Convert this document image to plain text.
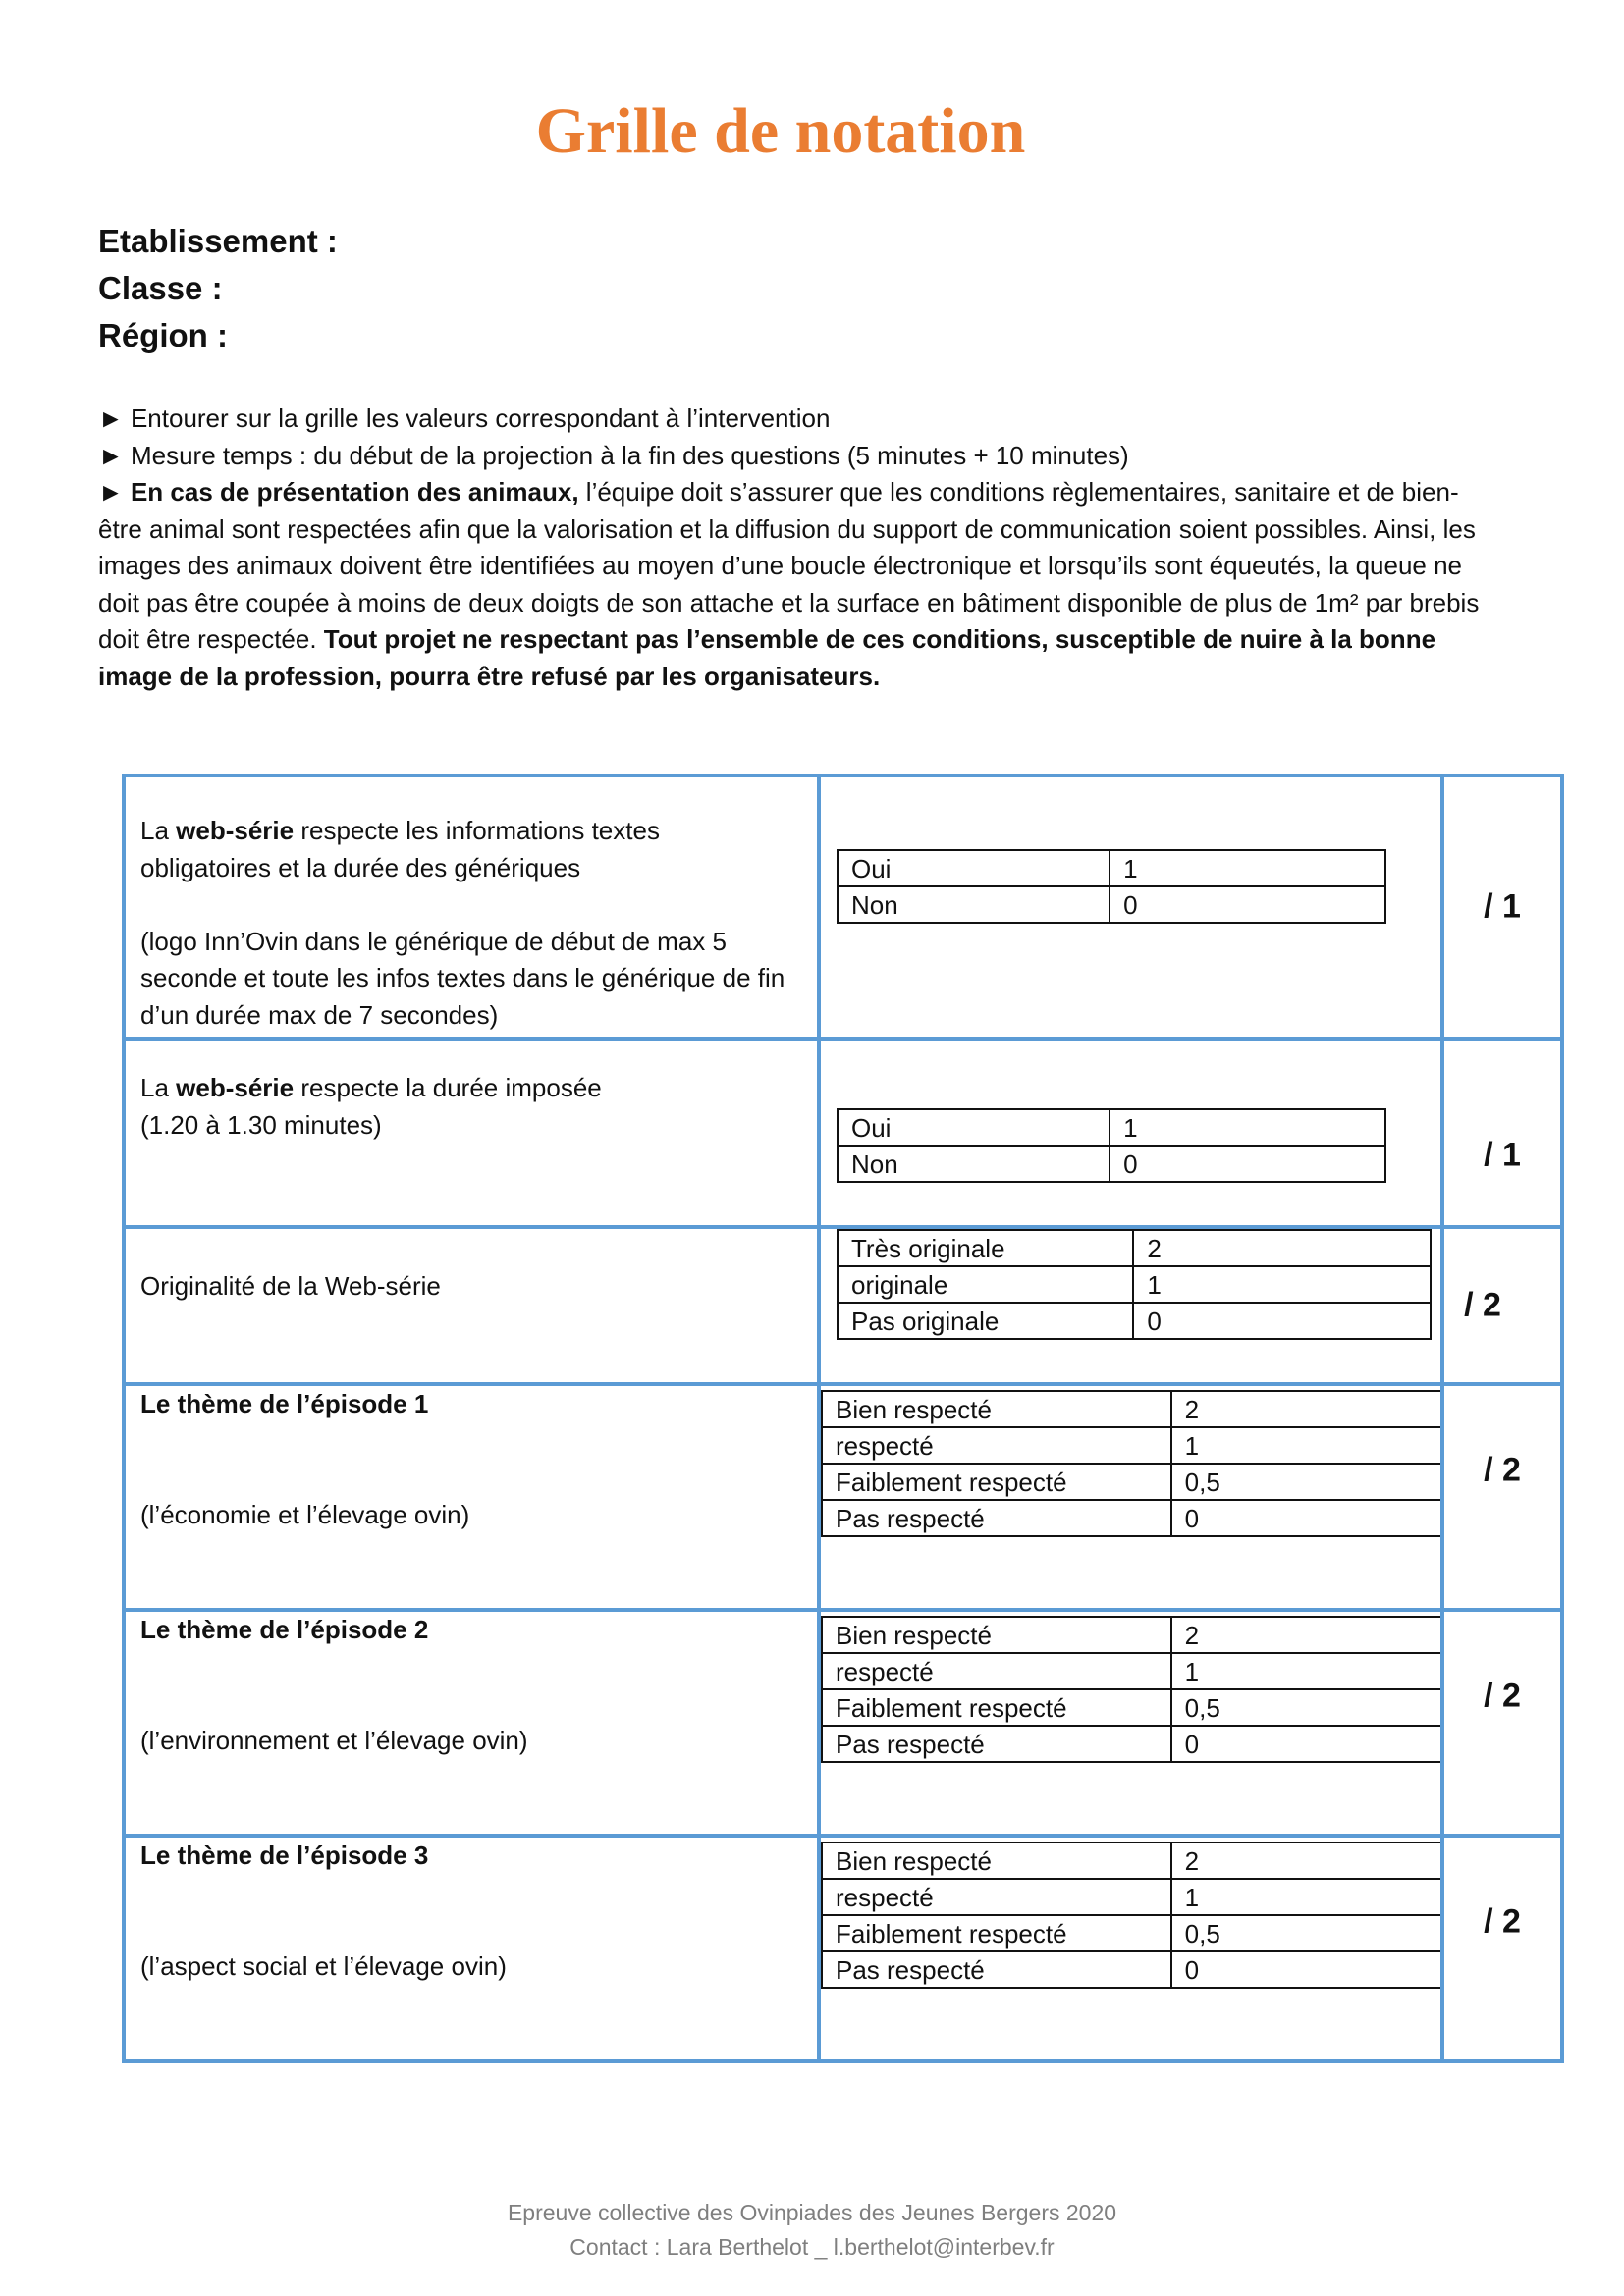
Grille de notation
Etablissement :
Classe :
Région :

► Entourer sur la grille les valeurs correspondant à l’intervention

► Mesure temps : du début de la projection à la fin des questions (5 minutes + 10 minutes)

► En cas de présentation des animaux, l’équipe doit s’assurer que les conditions règlementaires, sanitaire et de bien-être animal sont respectées afin que la valorisation et la diffusion du support de communication soient possibles. Ainsi, les images des animaux doivent être identifiées au moyen d’une boucle électronique et lorsqu’ils sont équeutés, la queue ne doit pas être coupée à moins de deux doigts de son attache et la surface en bâtiment disponible de plus de 1m² par brebis doit être respectée. Tout projet ne respectant pas l’ensemble de ces conditions, susceptible de nuire à la bonne image de la profession, pourra être refusé par les organisateurs.

La web-série respecte les informations textes obligatoires et la durée des génériques

(logo Inn’Ovin dans le générique de début de max 5 seconde et toute les infos textes dans le générique de fin d’un durée max de 7 secondes)

Oui	1
Non	0
		/ 1

La web-série respecte la durée imposée

(1.20 à 1.30 minutes)

		Oui	1
Non	0
		/ 1

Originalité de la Web-série

Très originale	2
originale	1
Pas originale	0
		/ 2

Le thème de l’épisode 1

(l’économie et l’élevage ovin)

Bien respecté	2
respecté	1
Faiblement respecté	0,5
Pas respecté	0

/ 2

Le thème de l’épisode 2

(l’environnement et l’élevage ovin)

Bien respecté	2
respecté	1
Faiblement respecté	0,5
Pas respecté	0

/ 2

Le thème de l’épisode 3

(l’aspect social et l’élevage ovin)

Bien respecté	2
respecté	1
Faiblement respecté	0,5
Pas respecté	0

/ 2
Epreuve collective des Ovinpiades des Jeunes Bergers 2020
Contact : Lara Berthelot _ l.berthelot@interbev.fr
